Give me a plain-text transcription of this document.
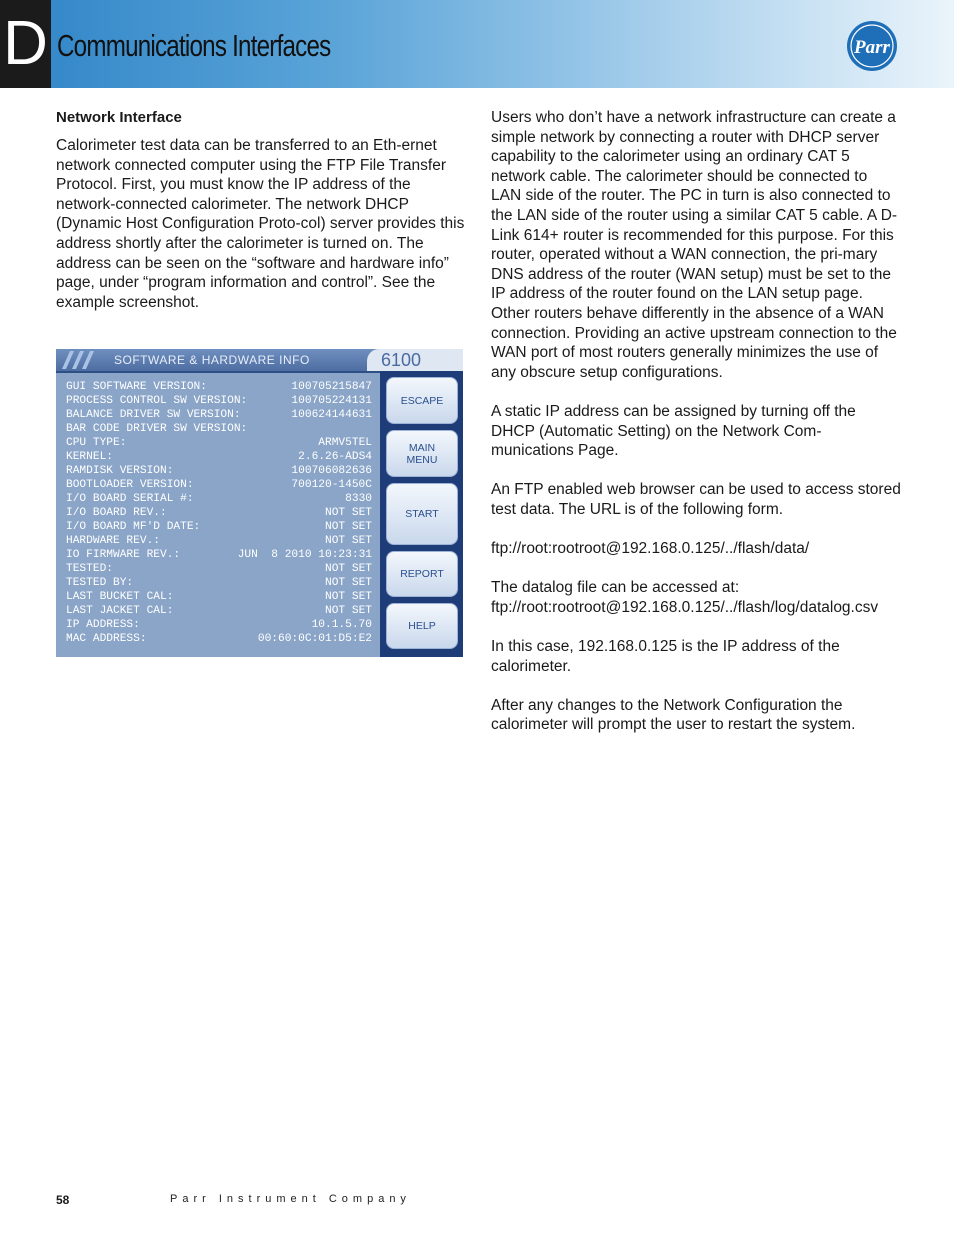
D Communications Interfaces	Parr
Network Interface

Calorimeter test data can be transferred to an Eth-ernet network connected computer using the FTP File Transfer Protocol. First, you must know the IP address of the network-connected calorimeter. The network DHCP (Dynamic Host Configuration Proto-col) server provides this address shortly after the calorimeter is turned on. The address can be seen on the “software and hardware info” page, under “program information and control”. See the example screenshot.

SOFTWARE & HARDWARE INFO	6100
GUI SOFTWARE VERSION:	100705215847
PROCESS CONTROL SW VERSION:	100705224131
BALANCE DRIVER SW VERSION:	100624144631
BAR CODE DRIVER SW VERSION:
CPU TYPE:	ARMV5TEL
KERNEL:	2.6.26-ADS4
RAMDISK VERSION:	100706082636
BOOTLOADER VERSION:	700120-1450C
I/O BOARD SERIAL #:	8330
I/O BOARD REV.:	NOT SET
I/O BOARD MF'D DATE:	NOT SET
HARDWARE REV.:	NOT SET
IO FIRMWARE REV.:	JUN  8 2010 10:23:31
TESTED:	NOT SET
TESTED BY:	NOT SET
LAST BUCKET CAL:	NOT SET
LAST JACKET CAL:	NOT SET
IP ADDRESS:	10.1.5.70
MAC ADDRESS:	00:60:0C:01:D5:E2
ESCAPE
MAIN
MENU
START
REPORT
HELP

Users who don’t have a network infrastructure can create a simple network by connecting a router with DHCP server capability to the calorimeter using an ordinary CAT 5 network cable. The calorimeter should be connected to LAN side of the router. The PC in turn is also connected to the LAN side of the router using a similar CAT 5 cable. A D-Link 614+ router is recommended for this purpose. For this router, operated without a WAN connection, the pri-mary DNS address of the router (WAN setup) must be set to the IP address of the router found on the LAN setup page. Other routers behave differently in the absence of a WAN connection. Providing an active upstream connection to the WAN port of most routers generally minimizes the use of any obscure setup configurations.

A static IP address can be assigned by turning off the DHCP (Automatic Setting) on the Network Com-munications Page.

An FTP enabled web browser can be used to access stored test data. The URL is of the following form.

ftp://root:rootroot@192.168.0.125/../flash/data/

The datalog file can be accessed at:
ftp://root:rootroot@192.168.0.125/../flash/log/datalog.csv

In this case, 192.168.0.125 is the IP address of the calorimeter.

After any changes to the Network Configuration the calorimeter will prompt the user to restart the system.

58	Parr Instrument Company
